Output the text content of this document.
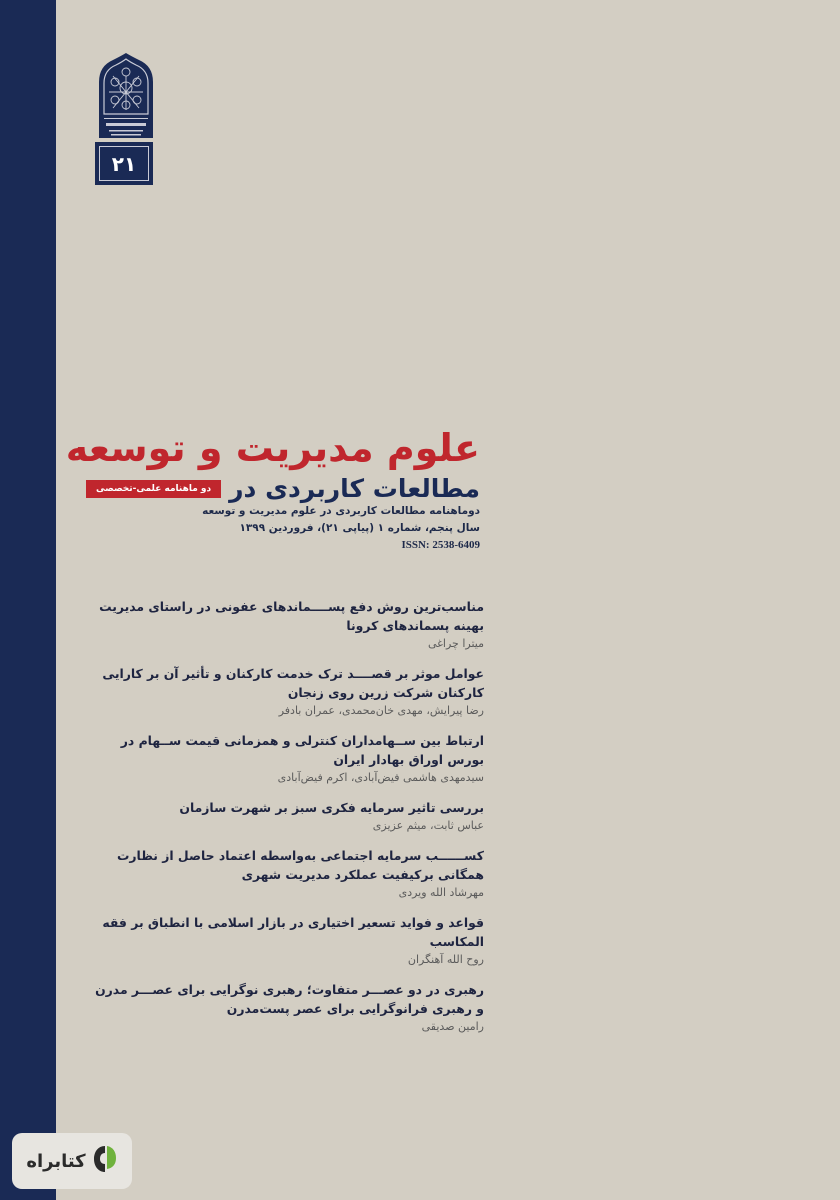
۲۱
علوم مدیریت و توسعه
مطالعات کاربردی در
دو ماهنامه علمی-تخصصی
دوماهنامه مطالعات کاربردی در علوم مدیریت و توسعه
سال پنجم، شماره ۱ (پیاپی ۲۱)، فروردین ۱۳۹۹
ISSN: 2538-6409
مناسب‌ترین روش دفع پســــماندهای عفونی در راستای مدیریت بهینه پسماندهای کرونا
میترا چراغی
عوامل موثر بر قصــــد ترک خدمت کارکنان و تأثیر آن بر کارایی کارکنان شرکت زرین روی زنجان
رضا پیرایش، مهدی خان‌محمدی، عمران بادفر
ارتباط بین ســهامداران کنترلی و همزمانی قیمت ســهام در بورس اوراق بهادار ایران
سیدمهدی هاشمی فیض‌آبادی، اکرم فیض‌آبادی
بررسی تاثیر سرمایه فکری سبز بر شهرت سازمان
عباس ثابت، میثم عزیزی
کســــــب سرمایه اجتماعی به‌واسطه اعتماد حاصل از نظارت همگانی برکیفیت عملکرد مدیریت شهری
مهرشاد الله ویردی
قواعد و فواید تسعیر اختیاری در بازار اسلامی با انطباق بر فقه المکاسب
روح الله آهنگران
رهبری در دو عصـــر متفاوت؛ رهبری نوگرایی برای عصـــر مدرن و رهبری فرانوگرایی برای عصر پست‌مدرن
رامین صدیقی
کتابراه
